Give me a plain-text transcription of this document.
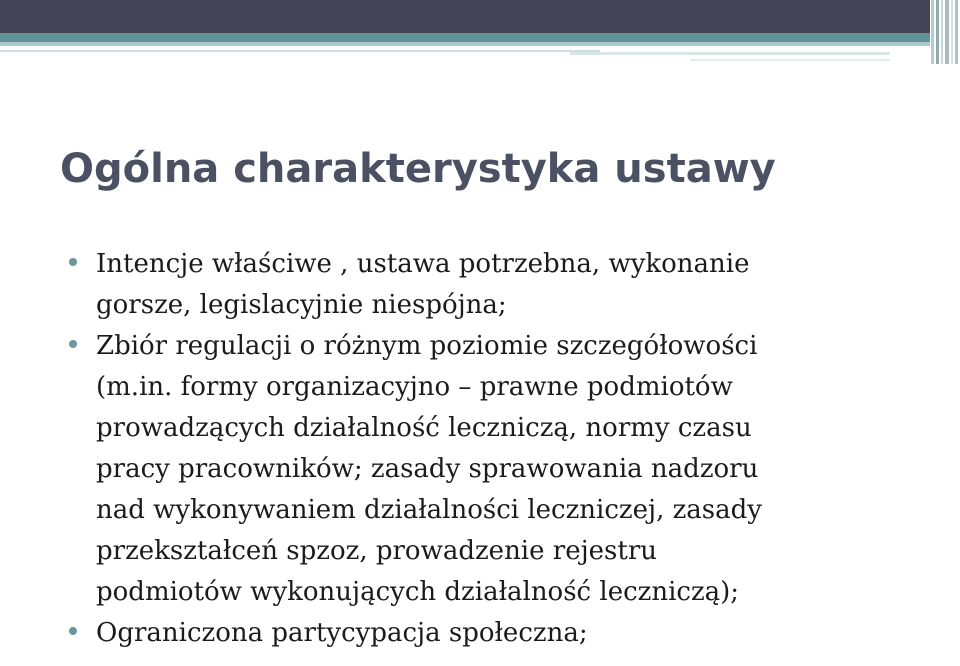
Ogólna charakterystyka ustawy
Intencje właściwe , ustawa potrzebna, wykonanie
gorsze, legislacyjnie niespójna;
Zbiór regulacji o różnym poziomie szczegółowości
(m.in. formy organizacyjno – prawne podmiotów
prowadzących działalność leczniczą, normy czasu
pracy pracowników; zasady sprawowania nadzoru
nad wykonywaniem działalności leczniczej, zasady
przekształceń spzoz, prowadzenie rejestru
podmiotów wykonujących działalność leczniczą);
Ograniczona partycypacja społeczna;
